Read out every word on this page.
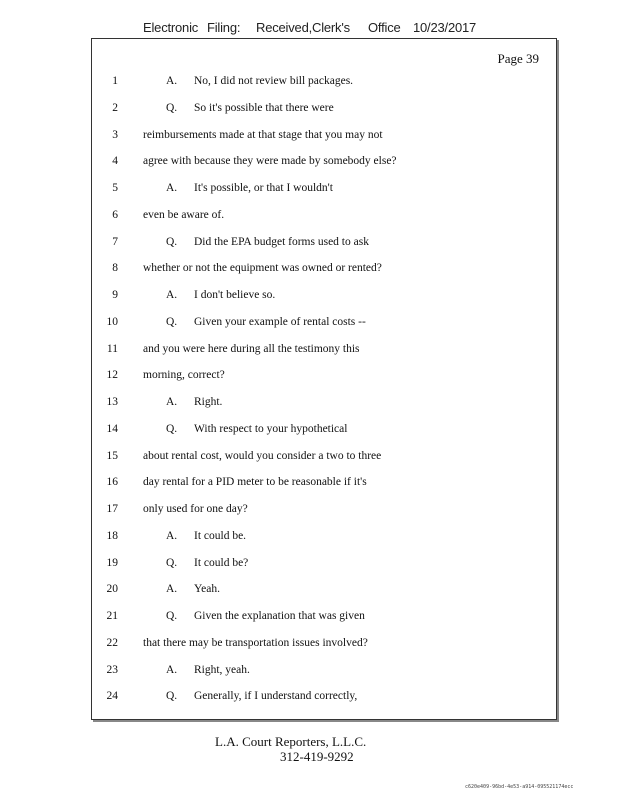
Electronic Filing: Received,Clerk's Office 10/23/2017
Page 39
1	A. No, I did not review bill packages.
2	Q. So it's possible that there were
3 reimbursements made at that stage that you may not
4 agree with because they were made by somebody else?
5	A. It's possible, or that I wouldn't
6 even be aware of.
7	Q. Did the EPA budget forms used to ask
8 whether or not the equipment was owned or rented?
9	A. I don't believe so.
10	Q. Given your example of rental costs --
11 and you were here during all the testimony this
12 morning, correct?
13	A. Right.
14	Q. With respect to your hypothetical
15 about rental cost, would you consider a two to three
16 day rental for a PID meter to be reasonable if it's
17 only used for one day?
18	A. It could be.
19	Q. It could be?
20	A. Yeah.
21	Q. Given the explanation that was given
22 that there may be transportation issues involved?
23	A. Right, yeah.
24	Q. Generally, if I understand correctly,
L.A. Court Reporters, L.L.C.
312-419-9292
c620e409-96bd-4e53-a914-095521174ecc
